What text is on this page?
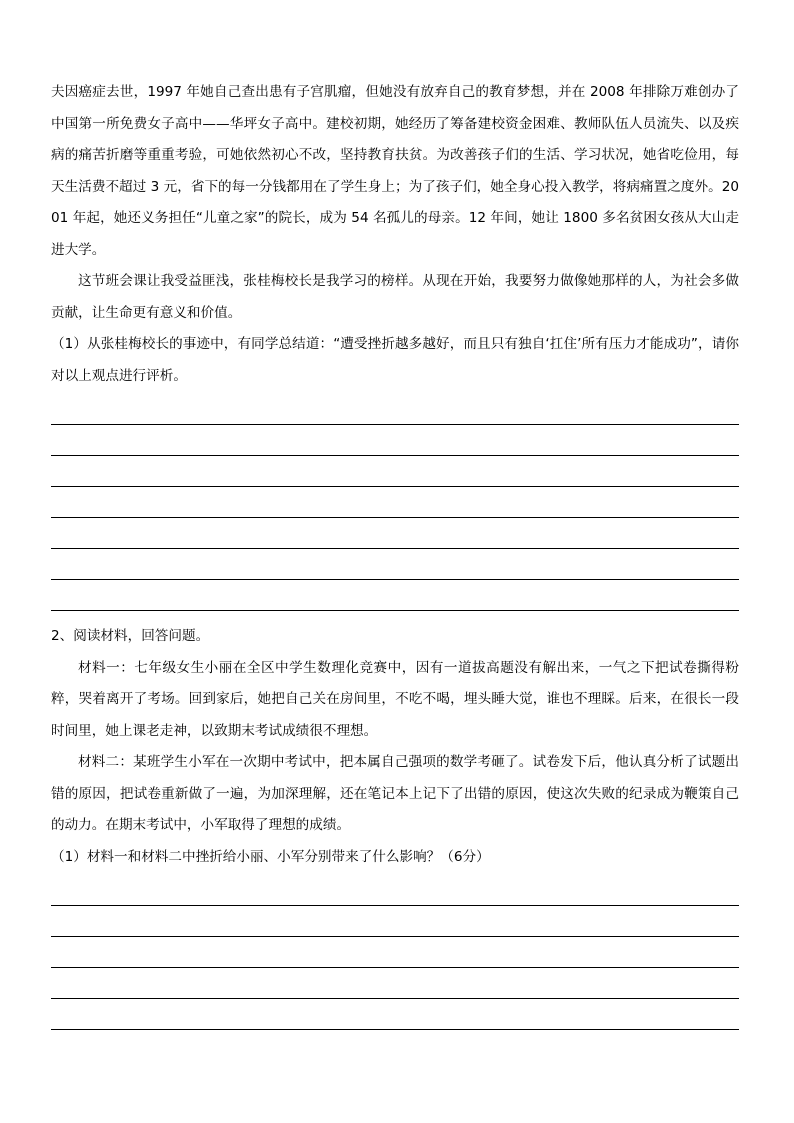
夫因癌症去世，1997 年她自己查出患有子宫肌瘤，但她没有放弃自己的教育梦想，并在 2008 年排除万难创办了中国第一所免费女子高中——华坪女子高中。建校初期，她经历了筹备建校资金困难、教师队伍人员流失、以及疾病的痛苦折磨等重重考验，可她依然初心不改，坚持教育扶贫。为改善孩子们的生活、学习状况，她省吃俭用，每天生活费不超过 3 元，省下的每一分钱都用在了学生身上；为了孩子们，她全身心投入教学，将病痛置之度外。2001 年起，她还义务担任“儿童之家”的院长，成为 54 名孤儿的母亲。12 年间，她让 1800 多名贫困女孩从大山走进大学。

这节班会课让我受益匪浅，张桂梅校长是我学习的榜样。从现在开始，我要努力做像她那样的人，为社会多做贡献，让生命更有意义和价值。

（1）从张桂梅校长的事迹中，有同学总结道：“遭受挫折越多越好，而且只有独自‘扛住’所有压力才能成功”，请你对以上观点进行评析。

2、阅读材料，回答问题。

材料一：七年级女生小丽在全区中学生数理化竞赛中，因有一道拔高题没有解出来，一气之下把试卷撕得粉粹，哭着离开了考场。回到家后，她把自己关在房间里，不吃不喝，埋头睡大觉，谁也不理睬。后来，在很长一段时间里，她上课老走神，以致期末考试成绩很不理想。

材料二：某班学生小军在一次期中考试中，把本属自己强项的数学考砸了。试卷发下后，他认真分析了试题出错的原因，把试卷重新做了一遍，为加深理解，还在笔记本上记下了出错的原因，使这次失败的纪录成为鞭策自己的动力。在期末考试中，小军取得了理想的成绩。

（1）材料一和材料二中挫折给小丽、小军分别带来了什么影响？（6分）
